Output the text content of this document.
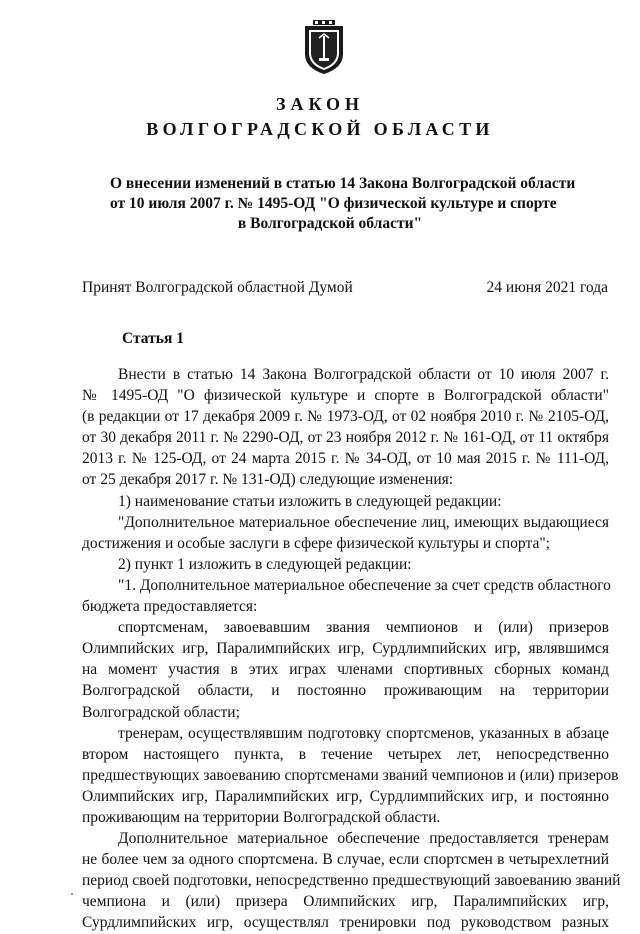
ЗАКОН
ВОЛГОГРАДСКОЙ ОБЛАСТИ
О внесении изменений в статью 14 Закона Волгоградской области
от 10 июля 2007 г. № 1495-ОД "О физической культуре и спорте
в Волгоградской области"
Принят Волгоградской областной Думой	24 июня 2021 года
Статья 1
Внести в статью 14 Закона Волгоградской области от 10 июля 2007 г.
№ 1495-ОД "О физической культуре и спорте в Волгоградской области"
(в редакции от 17 декабря 2009 г. № 1973-ОД, от 02 ноября 2010 г. № 2105-ОД,
от 30 декабря 2011 г. № 2290-ОД, от 23 ноября 2012 г. № 161-ОД, от 11 октября
2013 г. № 125-ОД, от 24 марта 2015 г. № 34-ОД, от 10 мая 2015 г. № 111-ОД,
от 25 декабря 2017 г. № 131-ОД) следующие изменения:
1) наименование статьи изложить в следующей редакции:
"Дополнительное материальное обеспечение лиц, имеющих выдающиеся
достижения и особые заслуги в сфере физической культуры и спорта";
2) пункт 1 изложить в следующей редакции:
"1. Дополнительное материальное обеспечение за счет средств областного
бюджета предоставляется:
спортсменам, завоевавшим звания чемпионов и (или) призеров
Олимпийских игр, Паралимпийских игр, Сурдлимпийских игр, являвшимся
на момент участия в этих играх членами спортивных сборных команд
Волгоградской области, и постоянно проживающим на территории
Волгоградской области;
тренерам, осуществлявшим подготовку спортсменов, указанных в абзаце
втором настоящего пункта, в течение четырех лет, непосредственно
предшествующих завоеванию спортсменами званий чемпионов и (или) призеров
Олимпийских игр, Паралимпийских игр, Сурдлимпийских игр, и постоянно
проживающим на территории Волгоградской области.
Дополнительное материальное обеспечение предоставляется тренерам
не более чем за одного спортсмена. В случае, если спортсмен в четырехлетний
период своей подготовки, непосредственно предшествующий завоеванию званий
чемпиона и (или) призера Олимпийских игр, Паралимпийских игр,
Сурдлимпийских игр, осуществлял тренировки под руководством разных
